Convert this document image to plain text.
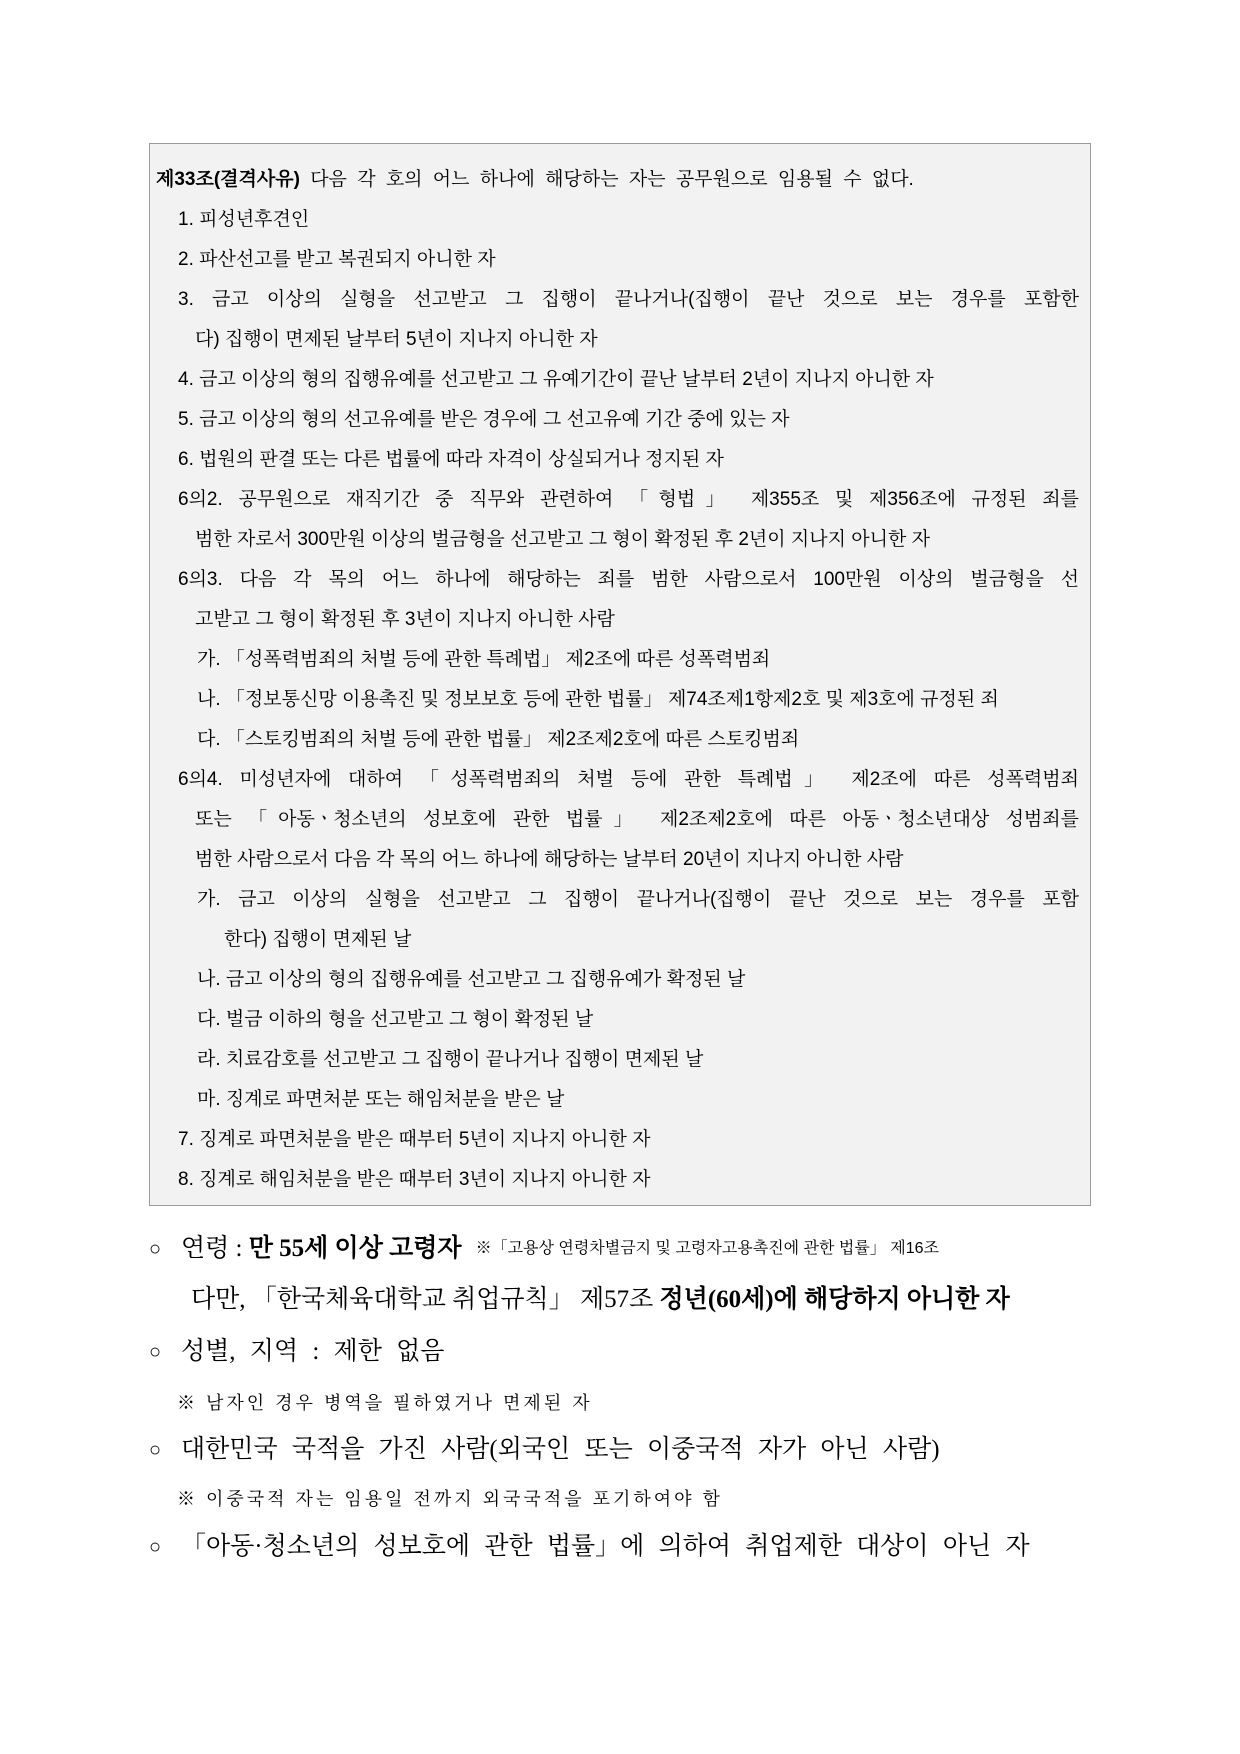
제33조(결격사유) 다음 각 호의 어느 하나에 해당하는 자는 공무원으로 임용될 수 없다.
1. 피성년후견인
2. 파산선고를 받고 복권되지 아니한 자
3. 금고 이상의 실형을 선고받고 그 집행이 끝나거나(집행이 끝난 것으로 보는 경우를 포함한
다) 집행이 면제된 날부터 5년이 지나지 아니한 자
4. 금고 이상의 형의 집행유예를 선고받고 그 유예기간이 끝난 날부터 2년이 지나지 아니한 자
5. 금고 이상의 형의 선고유예를 받은 경우에 그 선고유예 기간 중에 있는 자
6. 법원의 판결 또는 다른 법률에 따라 자격이 상실되거나 정지된 자
6의2. 공무원으로 재직기간 중 직무와 관련하여 「형법」 제355조 및 제356조에 규정된 죄를
범한 자로서 300만원 이상의 벌금형을 선고받고 그 형이 확정된 후 2년이 지나지 아니한 자
6의3. 다음 각 목의 어느 하나에 해당하는 죄를 범한 사람으로서 100만원 이상의 벌금형을 선
고받고 그 형이 확정된 후 3년이 지나지 아니한 사람
가. 「성폭력범죄의 처벌 등에 관한 특례법」 제2조에 따른 성폭력범죄
나. 「정보통신망 이용촉진 및 정보보호 등에 관한 법률」 제74조제1항제2호 및 제3호에 규정된 죄
다. 「스토킹범죄의 처벌 등에 관한 법률」 제2조제2호에 따른 스토킹범죄
6의4. 미성년자에 대하여 「성폭력범죄의 처벌 등에 관한 특례법」 제2조에 따른 성폭력범죄
또는 「아동ㆍ청소년의 성보호에 관한 법률」 제2조제2호에 따른 아동ㆍ청소년대상 성범죄를
범한 사람으로서 다음 각 목의 어느 하나에 해당하는 날부터 20년이 지나지 아니한 사람
가. 금고 이상의 실형을 선고받고 그 집행이 끝나거나(집행이 끝난 것으로 보는 경우를 포함
한다) 집행이 면제된 날
나. 금고 이상의 형의 집행유예를 선고받고 그 집행유예가 확정된 날
다. 벌금 이하의 형을 선고받고 그 형이 확정된 날
라. 치료감호를 선고받고 그 집행이 끝나거나 집행이 면제된 날
마. 징계로 파면처분 또는 해임처분을 받은 날
7. 징계로 파면처분을 받은 때부터 5년이 지나지 아니한 자
8. 징계로 해임처분을 받은 때부터 3년이 지나지 아니한 자
○ 연령 :
만 55세 이상 고령자 ※「고용상 연령차별금지 및 고령자고용촉진에 관한 법률」 제16조
다만, 「한국체육대학교 취업규칙」 제57조
정년(60세)에 해당하지 아니한 자
○ 성별, 지역 : 제한 없음
※ 남자인 경우 병역을 필하였거나 면제된 자
○ 대한민국 국적을 가진 사람(외국인 또는 이중국적 자가 아닌 사람)
※ 이중국적 자는 임용일 전까지 외국국적을 포기하여야 함
○ 「아동·청소년의 성보호에 관한 법률」에 의하여 취업제한 대상이 아닌 자
